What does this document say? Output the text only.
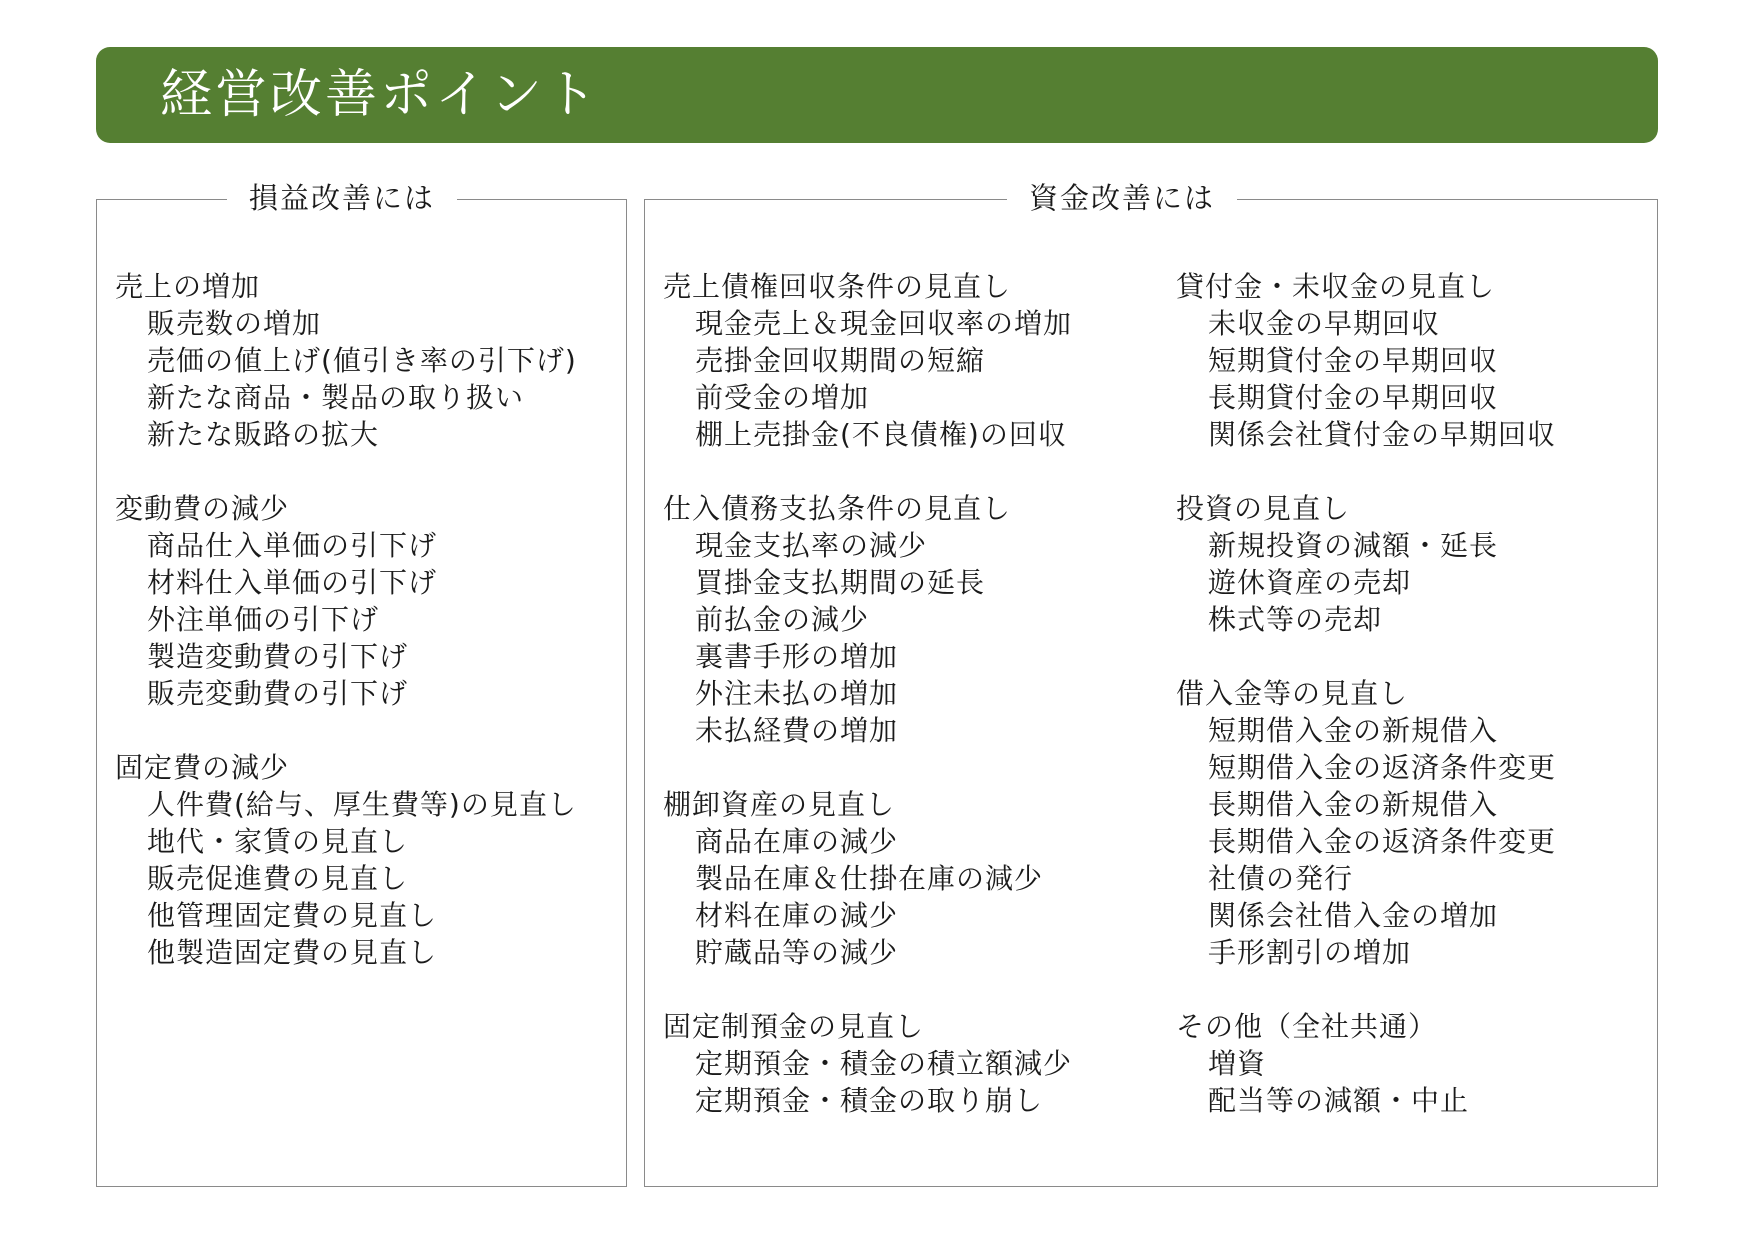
経営改善ポイント
損益改善には
売上の増加
販売数の増加
売価の値上げ(値引き率の引下げ)
新たな商品・製品の取り扱い
新たな販路の拡大
変動費の減少
商品仕入単価の引下げ
材料仕入単価の引下げ
外注単価の引下げ
製造変動費の引下げ
販売変動費の引下げ
固定費の減少
人件費(給与、厚生費等)の見直し
地代・家賃の見直し
販売促進費の見直し
他管理固定費の見直し
他製造固定費の見直し
資金改善には
売上債権回収条件の見直し
現金売上＆現金回収率の増加
売掛金回収期間の短縮
前受金の増加
棚上売掛金(不良債権)の回収
仕入債務支払条件の見直し
現金支払率の減少
買掛金支払期間の延長
前払金の減少
裏書手形の増加
外注未払の増加
未払経費の増加
棚卸資産の見直し
商品在庫の減少
製品在庫＆仕掛在庫の減少
材料在庫の減少
貯蔵品等の減少
固定制預金の見直し
定期預金・積金の積立額減少
定期預金・積金の取り崩し
貸付金・未収金の見直し
未収金の早期回収
短期貸付金の早期回収
長期貸付金の早期回収
関係会社貸付金の早期回収
投資の見直し
新規投資の減額・延長
遊休資産の売却
株式等の売却
借入金等の見直し
短期借入金の新規借入
短期借入金の返済条件変更
長期借入金の新規借入
長期借入金の返済条件変更
社債の発行
関係会社借入金の増加
手形割引の増加
その他（全社共通）
増資
配当等の減額・中止
